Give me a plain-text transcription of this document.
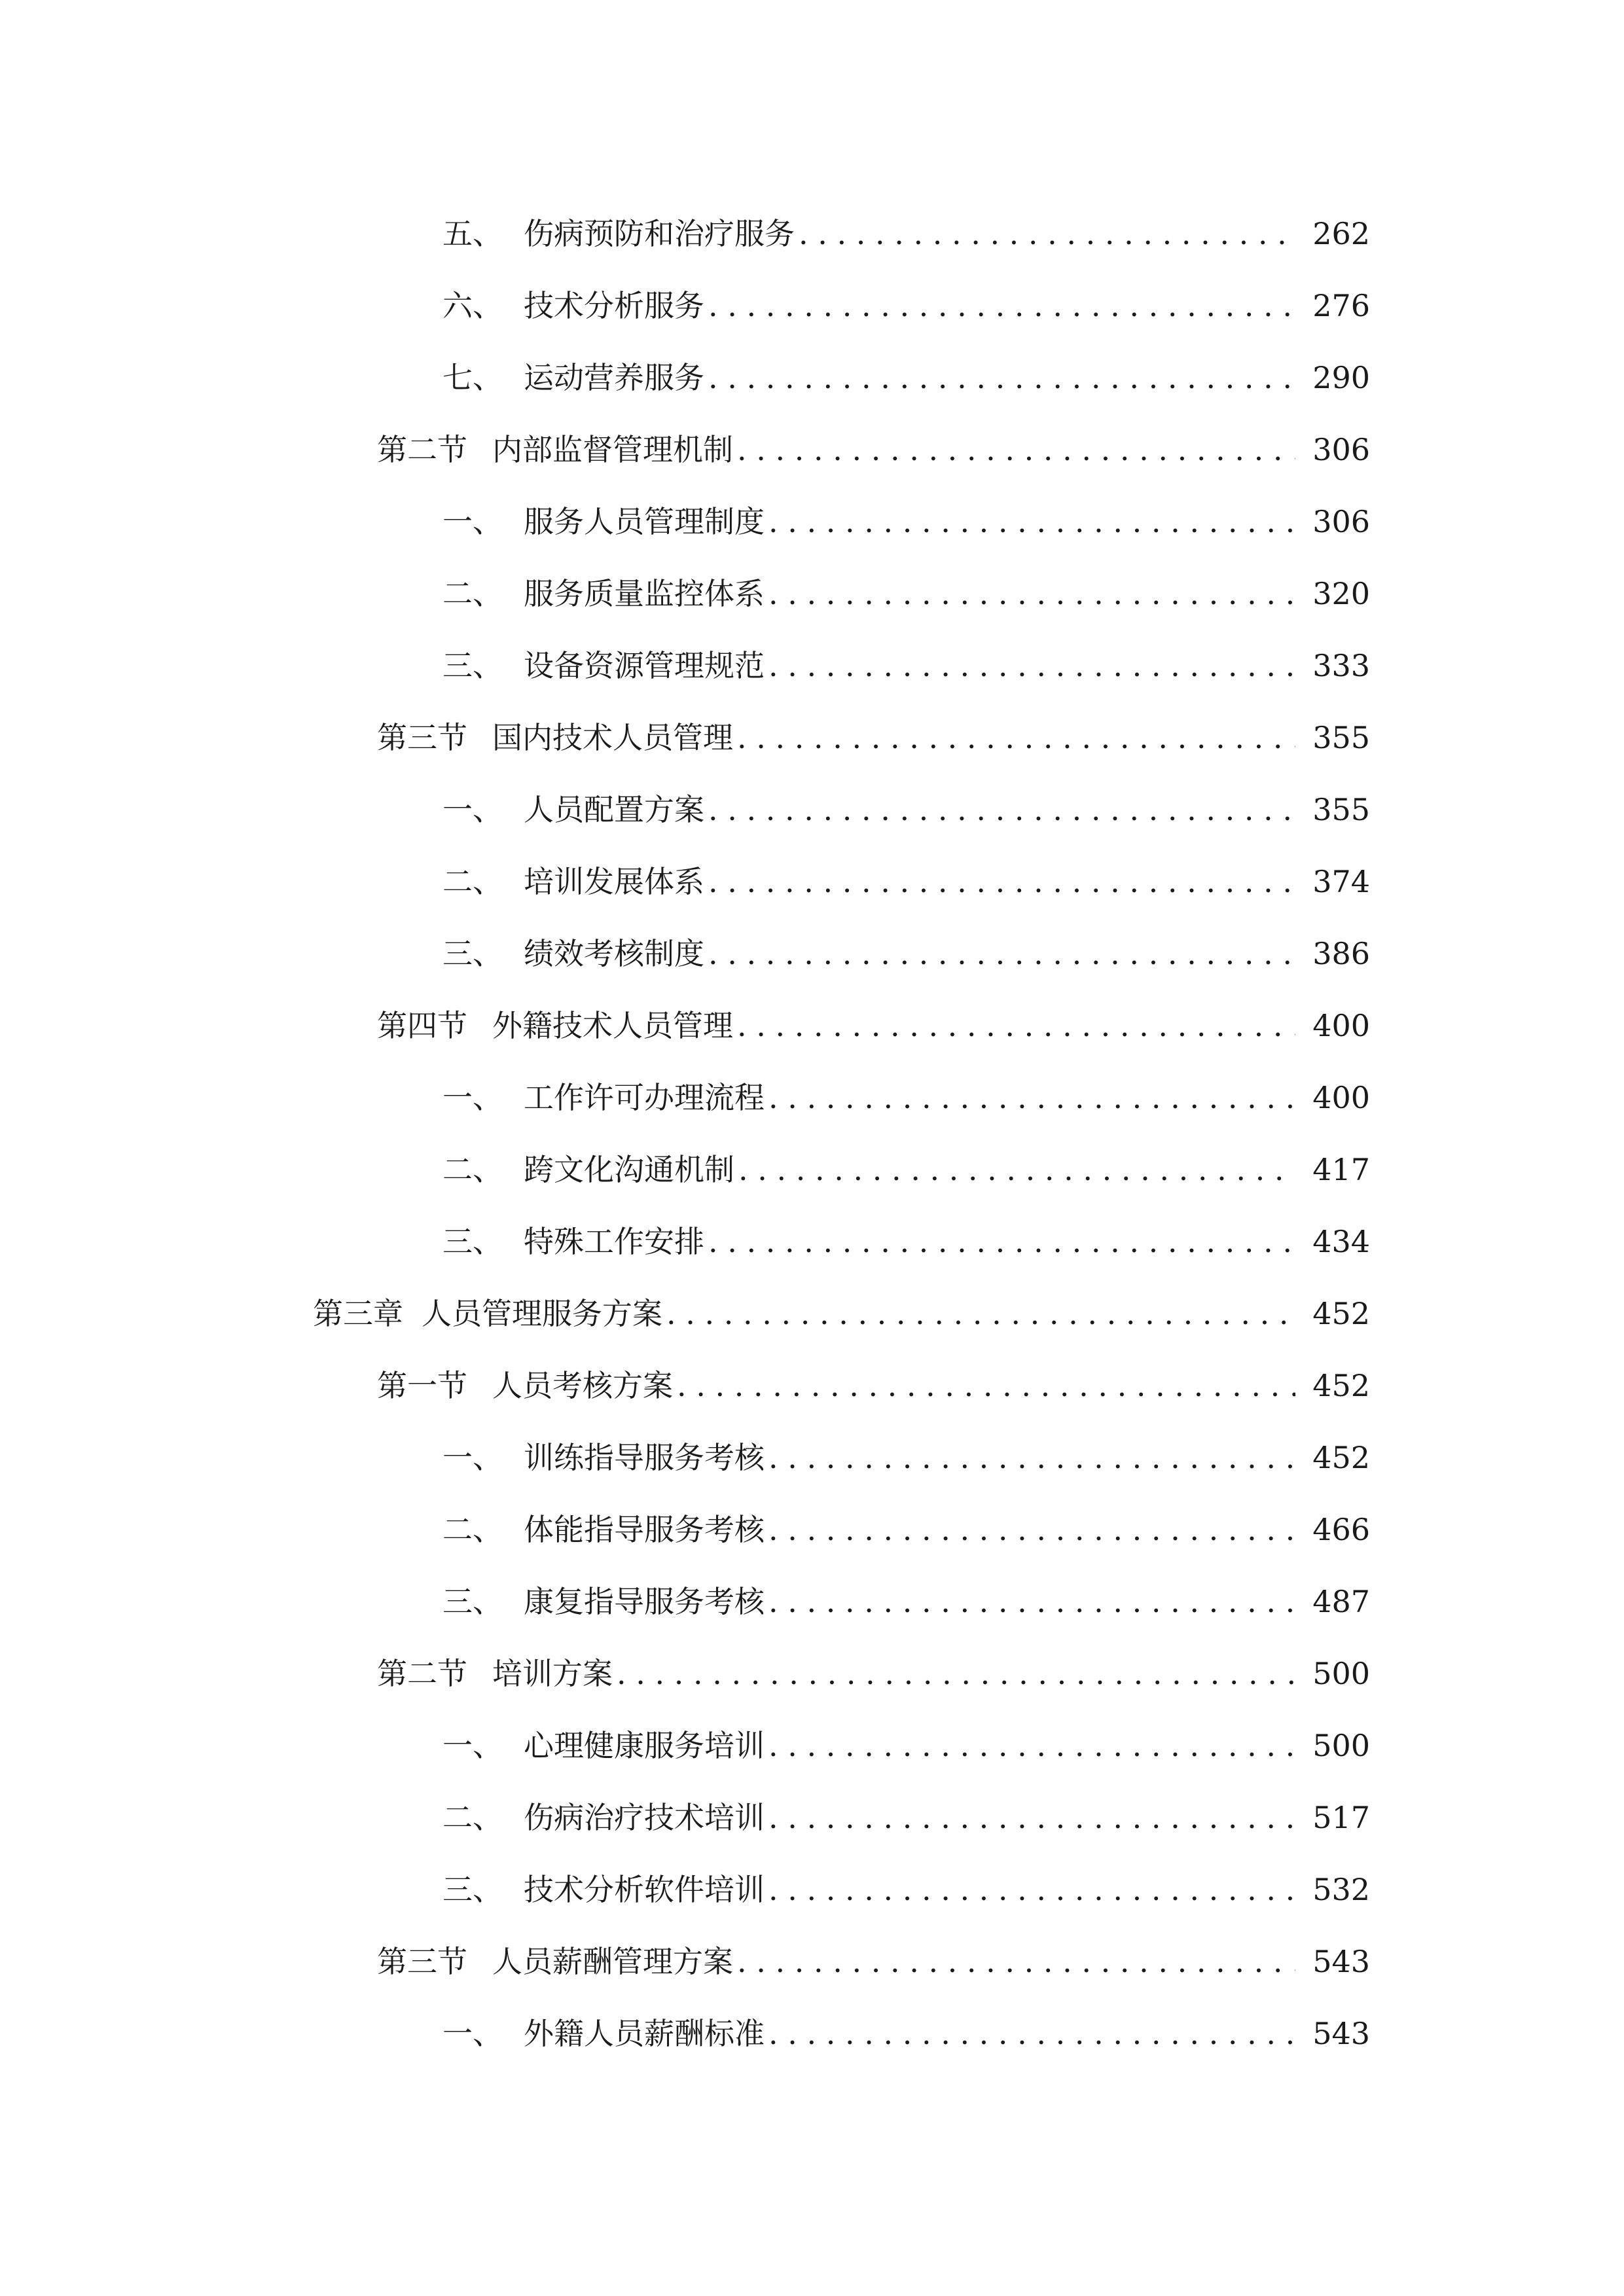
五、 伤病预防和治疗服务 . . .	262
六、 技术分析服务 . . .	276
七、 运动营养服务 . . .	290
第二节 内部监督管理机制 . . .	306
一、 服务人员管理制度 . . .	306
二、 服务质量监控体系 . . .	320
三、 设备资源管理规范 . . .	333
第三节 国内技术人员管理 . . .	355
一、 人员配置方案 . . .	355
二、 培训发展体系 . . .	374
三、 绩效考核制度 . . .	386
第四节 外籍技术人员管理 . . .	400
一、 工作许可办理流程 . . .	400
二、 跨文化沟通机制 . . .	417
三、 特殊工作安排 . . .	434
第三章 人员管理服务方案 . . .	452
第一节 人员考核方案 . . .	452
一、 训练指导服务考核 . . .	452
二、 体能指导服务考核 . . .	466
三、 康复指导服务考核 . . .	487
第二节 培训方案 . . .	500
一、 心理健康服务培训 . . .	500
二、 伤病治疗技术培训 . . .	517
三、 技术分析软件培训 . . .	532
第三节 人员薪酬管理方案 . . .	543
一、 外籍人员薪酬标准 . . .	543
